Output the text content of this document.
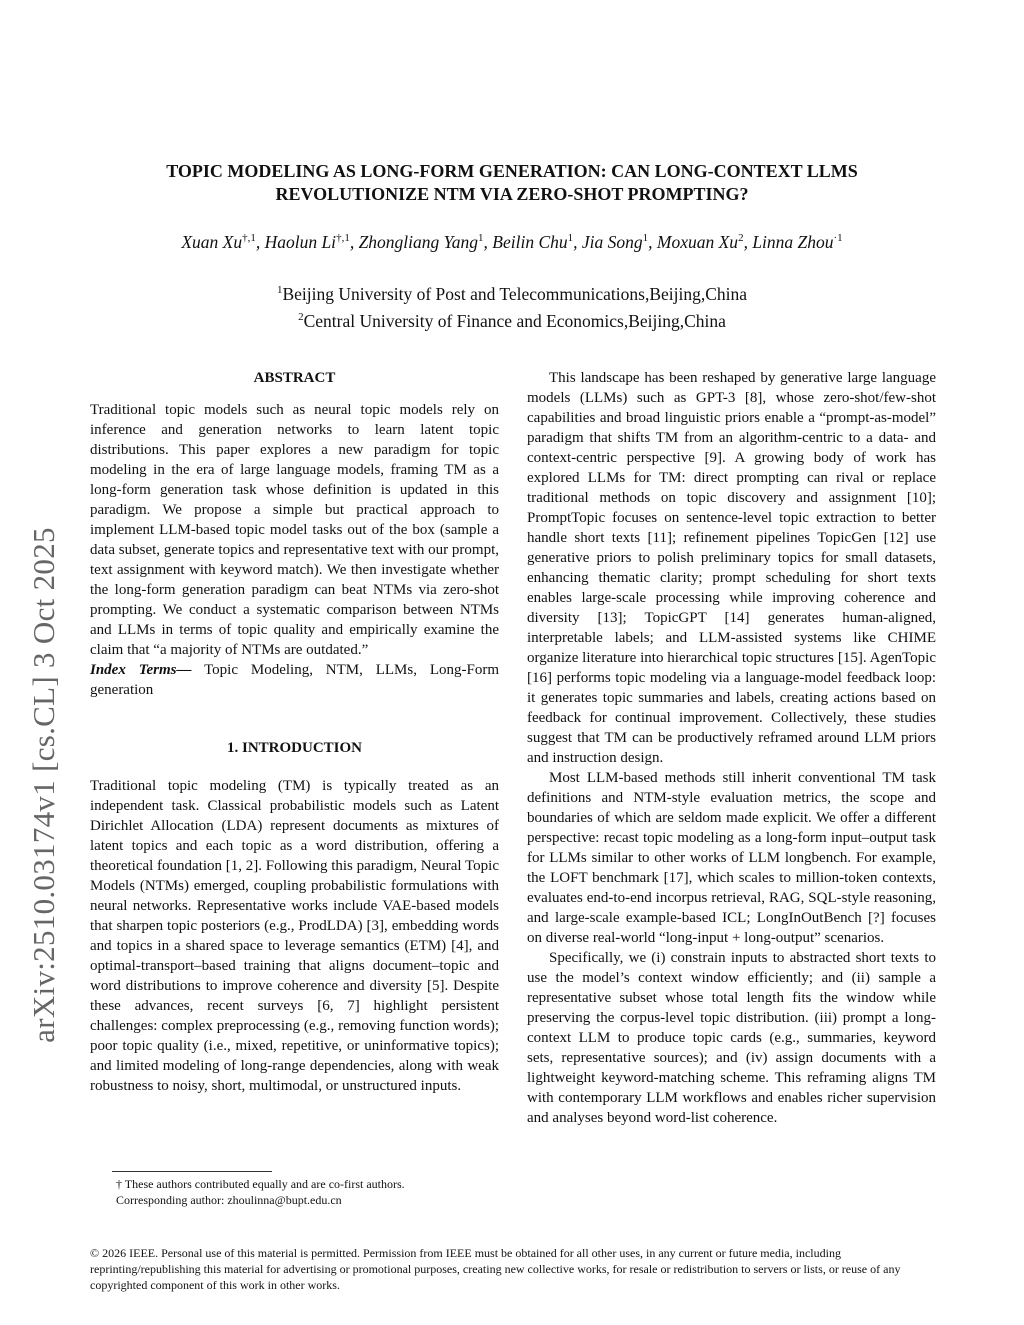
arXiv:2510.03174v1 [cs.CL] 3 Oct 2025
TOPIC MODELING AS LONG-FORM GENERATION: CAN LONG-CONTEXT LLMS
REVOLUTIONIZE NTM VIA ZERO-SHOT PROMPTING?

Xuan $Xu^{\dagger,1}$, Haolun $Li^{\dagger,1}$, Zhongliang Yang$^1$, Beilin Chu$^1$, Jia Song$^1$, Moxuan Xu$^2$, Linna Zhou$^{\cdot 1}$

$^1$Beijing University of Post and Telecommunications,Beijing,China
$^2$Central University of Finance and Economics,Beijing,China

ABSTRACT

Traditional topic models such as neural topic models rely on inference and generation networks to learn latent topic distributions. This paper explores a new paradigm for topic modeling in the era of large language models, framing TM as a long-form generation task whose definition is updated in this paradigm. We propose a simple but practical approach to implement LLM-based topic model tasks out of the box (sample a data subset, generate topics and representative text with our prompt, text assignment with keyword match). We then investigate whether the long-form generation paradigm can beat NTMs via zero-shot prompting. We conduct a systematic comparison between NTMs and LLMs in terms of topic quality and empirically examine the claim that “a majority of NTMs are outdated.”

Index Terms— Topic Modeling, NTM, LLMs, Long-Form generation

1. INTRODUCTION

Traditional topic modeling (TM) is typically treated as an independent task. Classical probabilistic models such as Latent Dirichlet Allocation (LDA) represent documents as mixtures of latent topics and each topic as a word distribution, offering a theoretical foundation [1, 2]. Following this paradigm, Neural Topic Models (NTMs) emerged, coupling probabilistic formulations with neural networks. Representative works include VAE-based models that sharpen topic posteriors (e.g., ProdLDA) [3], embedding words and topics in a shared space to leverage semantics (ETM) [4], and optimal-transport–based training that aligns document–topic and word distributions to improve coherence and diversity [5]. Despite these advances, recent surveys [6, 7] highlight persistent challenges: complex preprocessing (e.g., removing function words); poor topic quality (i.e., mixed, repetitive, or uninformative topics); and limited modeling of long-range dependencies, along with weak robustness to noisy, short, multimodal, or unstructured inputs.

This landscape has been reshaped by generative large language models (LLMs) such as GPT-3 [8], whose zero-shot/few-shot capabilities and broad linguistic priors enable a “prompt-as-model” paradigm that shifts TM from an algorithm-centric to a data- and context-centric perspective [9]. A growing body of work has explored LLMs for TM: direct prompting can rival or replace traditional methods on topic discovery and assignment [10]; PromptTopic focuses on sentence-level topic extraction to better handle short texts [11]; refinement pipelines TopicGen [12] use generative priors to polish preliminary topics for small datasets, enhancing thematic clarity; prompt scheduling for short texts enables large-scale processing while improving coherence and diversity [13]; TopicGPT [14] generates human-aligned, interpretable labels; and LLM-assisted systems like CHIME organize literature into hierarchical topic structures [15]. AgenTopic [16] performs topic modeling via a language-model feedback loop: it generates topic summaries and labels, creating actions based on feedback for continual improvement. Collectively, these studies suggest that TM can be productively reframed around LLM priors and instruction design.

Most LLM-based methods still inherit conventional TM task definitions and NTM-style evaluation metrics, the scope and boundaries of which are seldom made explicit. We offer a different perspective: recast topic modeling as a long-form input–output task for LLMs similar to other works of LLM longbench. For example, the LOFT benchmark [17], which scales to million-token contexts, evaluates end-to-end incorpus retrieval, RAG, SQL-style reasoning, and large-scale example-based ICL; LongInOutBench [?] focuses on diverse real-world “long-input + long-output” scenarios.

Specifically, we (i) constrain inputs to abstracted short texts to use the model’s context window efficiently; and (ii) sample a representative subset whose total length fits the window while preserving the corpus-level topic distribution. (iii) prompt a long-context LLM to produce topic cards (e.g., summaries, keyword sets, representative sources); and (iv) assign documents with a lightweight keyword-matching scheme. This reframing aligns TM with contemporary LLM workflows and enables richer supervision and analyses beyond word-list coherence.

† These authors contributed equally and are co-first authors.
Corresponding author: zhoulinna@bupt.edu.cn
© 2026 IEEE. Personal use of this material is permitted. Permission from IEEE must be obtained for all other uses, in any current or future media, including reprinting/republishing this material for advertising or promotional purposes, creating new collective works, for resale or redistribution to servers or lists, or reuse of any copyrighted component of this work in other works.
